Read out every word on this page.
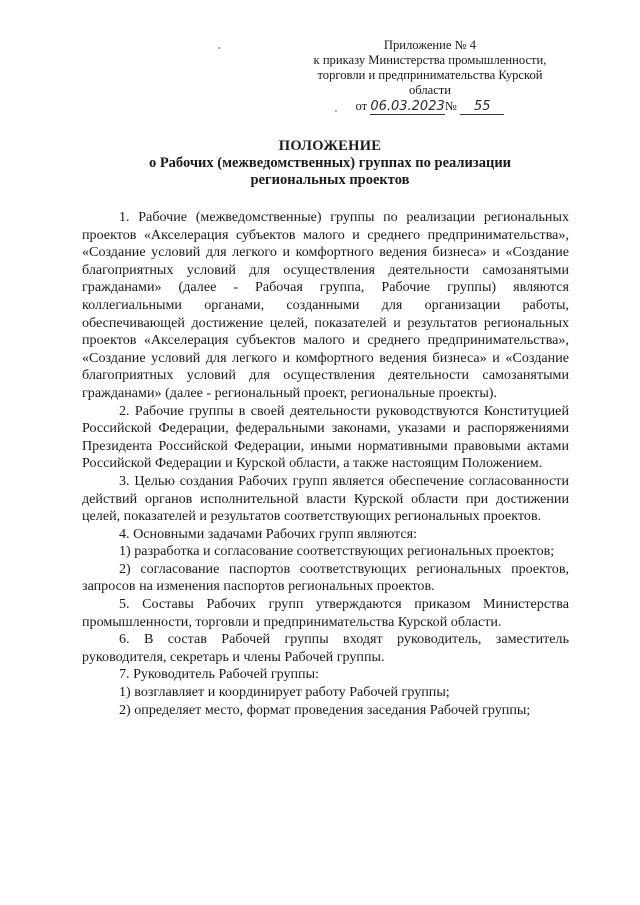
Приложение № 4
к приказу Министерства промышленности,
торговли и предпринимательства Курской
области
от 06.03.2023№ 55
ПОЛОЖЕНИЕ
о Рабочих (межведомственных) группах по реализации
региональных проектов

1. Рабочие (межведомственные) группы по реализации региональных проектов «Акселерация субъектов малого и среднего предпринимательства», «Создание условий для легкого и комфортного ведения бизнеса» и «Создание благоприятных условий для осуществления деятельности самозанятыми гражданами» (далее - Рабочая группа, Рабочие группы) являются коллегиальными органами, созданными для организации работы, обеспечивающей достижение целей, показателей и результатов региональных проектов «Акселерация субъектов малого и среднего предпринимательства», «Создание условий для легкого и комфортного ведения бизнеса» и «Создание благоприятных условий для осуществления деятельности самозанятыми гражданами» (далее - региональный проект, региональные проекты).

2. Рабочие группы в своей деятельности руководствуются Конституцией Российской Федерации, федеральными законами, указами и распоряжениями Президента Российской Федерации, иными нормативными правовыми актами Российской Федерации и Курской области, а также настоящим Положением.

3. Целью создания Рабочих групп является обеспечение согласованности действий органов исполнительной власти Курской области при достижении целей, показателей и результатов соответствующих региональных проектов.

4. Основными задачами Рабочих групп являются:

1) разработка и согласование соответствующих региональных проектов;

2) согласование паспортов соответствующих региональных проектов, запросов на изменения паспортов региональных проектов.

5. Составы Рабочих групп утверждаются приказом Министерства промышленности, торговли и предпринимательства Курской области.

6. В состав Рабочей группы входят руководитель, заместитель руководителя, секретарь и члены Рабочей группы.

7. Руководитель Рабочей группы:

1) возглавляет и координирует работу Рабочей группы;

2) определяет место, формат проведения заседания Рабочей группы;
